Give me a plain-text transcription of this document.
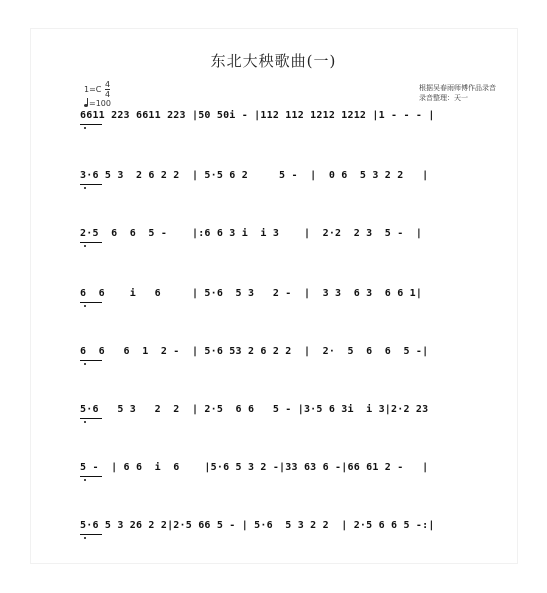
东北大秧歌曲(一)
$1=C \frac{4}{4}$
=100
根据吴春雨师傅作品录音
录音整理：天一
6611 223 6611 223 |50 50i - |112 112 1212 1212 |1 - - - |
3·6 5 3  2 6 2 2  | 5·5 6 2     5 -  |  0 6  5 3 2 2   |
2·5  6  6  5 -    |:6 6 3 i  i 3    |  2·2  2 3  5 -  |
6  6    i   6     | 5·6  5 3   2 -  |  3 3  6 3  6 6 1|
6  6   6  1  2 -  | 5·6 53 2 6 2 2  |  2·  5  6  6  5 -|
5·6   5 3   2  2  | 2·5  6 6   5 - |3·5 6 3i  i 3|2·2 23
5 -  | 6 6  i  6    |5·6 5 3 2 -|33 63 6 -|66 61 2 -   |
5·6 5 3 26 2 2|2·5 66 5 - | 5·6  5 3 2 2  | 2·5 6 6 5 -:|
